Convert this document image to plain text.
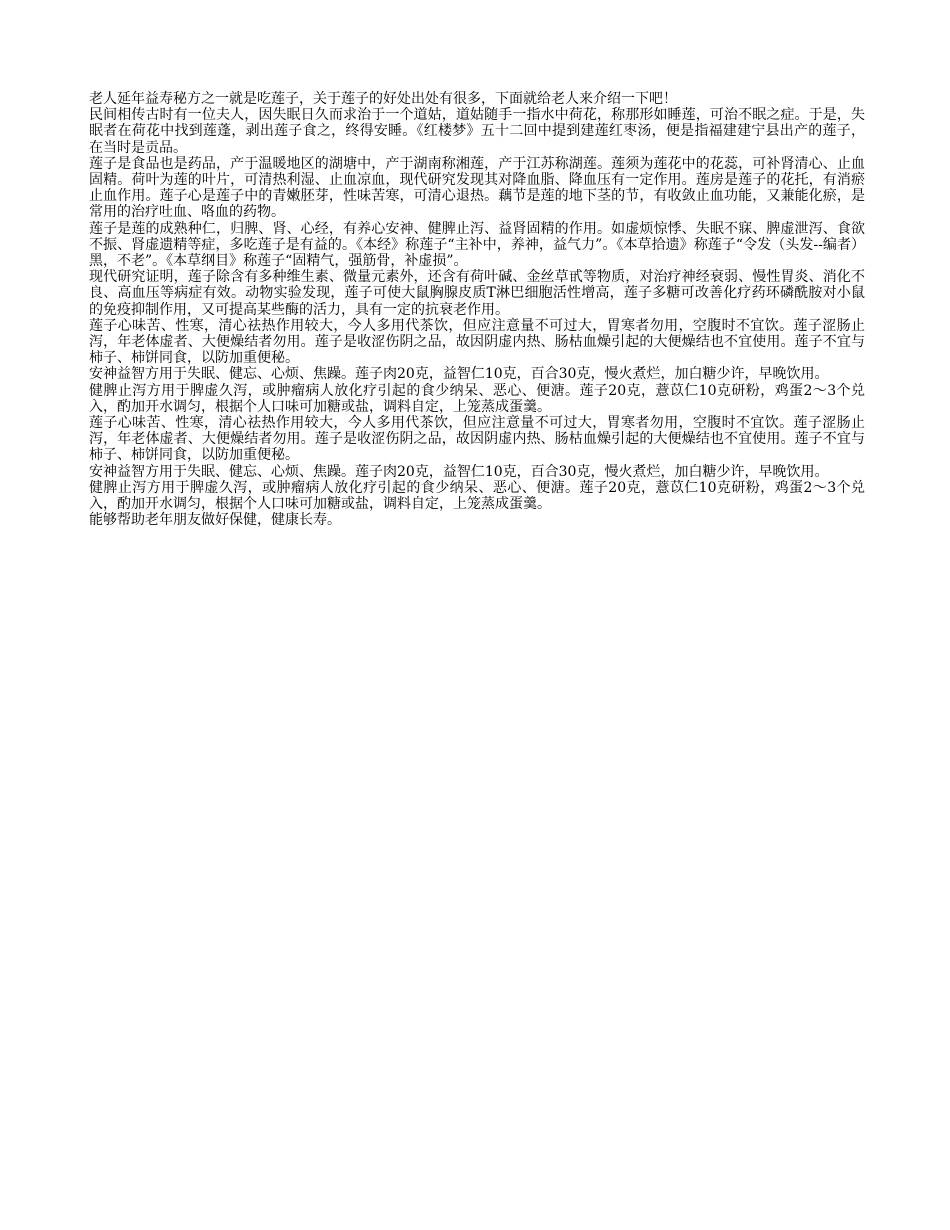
老人延年益寿秘方之一就是吃莲子，关于莲子的好处出处有很多，下面就给老人来介绍一下吧！

民间相传古时有一位夫人，因失眠日久而求治于一个道姑，道姑随手一指水中荷花，称那形如睡莲，可治不眠之症。于是，失眠者在荷花中找到莲蓬，剥出莲子食之，终得安睡。《红楼梦》五十二回中提到建莲红枣汤，便是指福建建宁县出产的莲子，在当时是贡品。

莲子是食品也是药品，产于温暖地区的湖塘中，产于湖南称湘莲，产于江苏称湖莲。莲须为莲花中的花蕊，可补肾清心、止血固精。荷叶为莲的叶片，可清热利湿、止血凉血，现代研究发现其对降血脂、降血压有一定作用。莲房是莲子的花托，有消瘀止血作用。莲子心是莲子中的青嫩胚芽，性味苦寒，可清心退热。藕节是莲的地下茎的节，有收敛止血功能，又兼能化瘀，是常用的治疗吐血、咯血的药物。

莲子是莲的成熟种仁，归脾、肾、心经，有养心安神、健脾止泻、益肾固精的作用。如虚烦惊悸、失眠不寐、脾虚泄泻、食欲不振、肾虚遗精等症，多吃莲子是有益的。《本经》称莲子“主补中，养神，益气力”。《本草拾遗》称莲子“令发（头发--编者）黑，不老”。《本草纲目》称莲子“固精气，强筋骨，补虚损”。

现代研究证明，莲子除含有多种维生素、微量元素外，还含有荷叶碱、金丝草甙等物质，对治疗神经衰弱、慢性胃炎、消化不良、高血压等病症有效。动物实验发现，莲子可使大鼠胸腺皮质T淋巴细胞活性增高，莲子多糖可改善化疗药环磷酰胺对小鼠的免疫抑制作用，又可提高某些酶的活力，具有一定的抗衰老作用。

莲子心味苦、性寒，清心祛热作用较大，今人多用代茶饮，但应注意量不可过大，胃寒者勿用，空腹时不宜饮。莲子涩肠止泻，年老体虚者、大便燥结者勿用。莲子是收涩伤阴之品，故因阴虚内热、肠枯血燥引起的大便燥结也不宜使用。莲子不宜与柿子、柿饼同食，以防加重便秘。

安神益智方用于失眠、健忘、心烦、焦躁。莲子肉20克，益智仁10克，百合30克，慢火煮烂，加白糖少许，早晚饮用。

健脾止泻方用于脾虚久泻，或肿瘤病人放化疗引起的食少纳呆、恶心、便溏。莲子20克，薏苡仁10克研粉，鸡蛋2～3个兑入，酌加开水调匀，根据个人口味可加糖或盐，调料自定，上笼蒸成蛋羹。

莲子心味苦、性寒，清心祛热作用较大，今人多用代茶饮，但应注意量不可过大，胃寒者勿用，空腹时不宜饮。莲子涩肠止泻，年老体虚者、大便燥结者勿用。莲子是收涩伤阴之品，故因阴虚内热、肠枯血燥引起的大便燥结也不宜使用。莲子不宜与柿子、柿饼同食，以防加重便秘。

安神益智方用于失眠、健忘、心烦、焦躁。莲子肉20克，益智仁10克，百合30克，慢火煮烂，加白糖少许，早晚饮用。

健脾止泻方用于脾虚久泻，或肿瘤病人放化疗引起的食少纳呆、恶心、便溏。莲子20克，薏苡仁10克研粉，鸡蛋2～3个兑入，酌加开水调匀，根据个人口味可加糖或盐，调料自定，上笼蒸成蛋羹。

能够帮助老年朋友做好保健，健康长寿。
